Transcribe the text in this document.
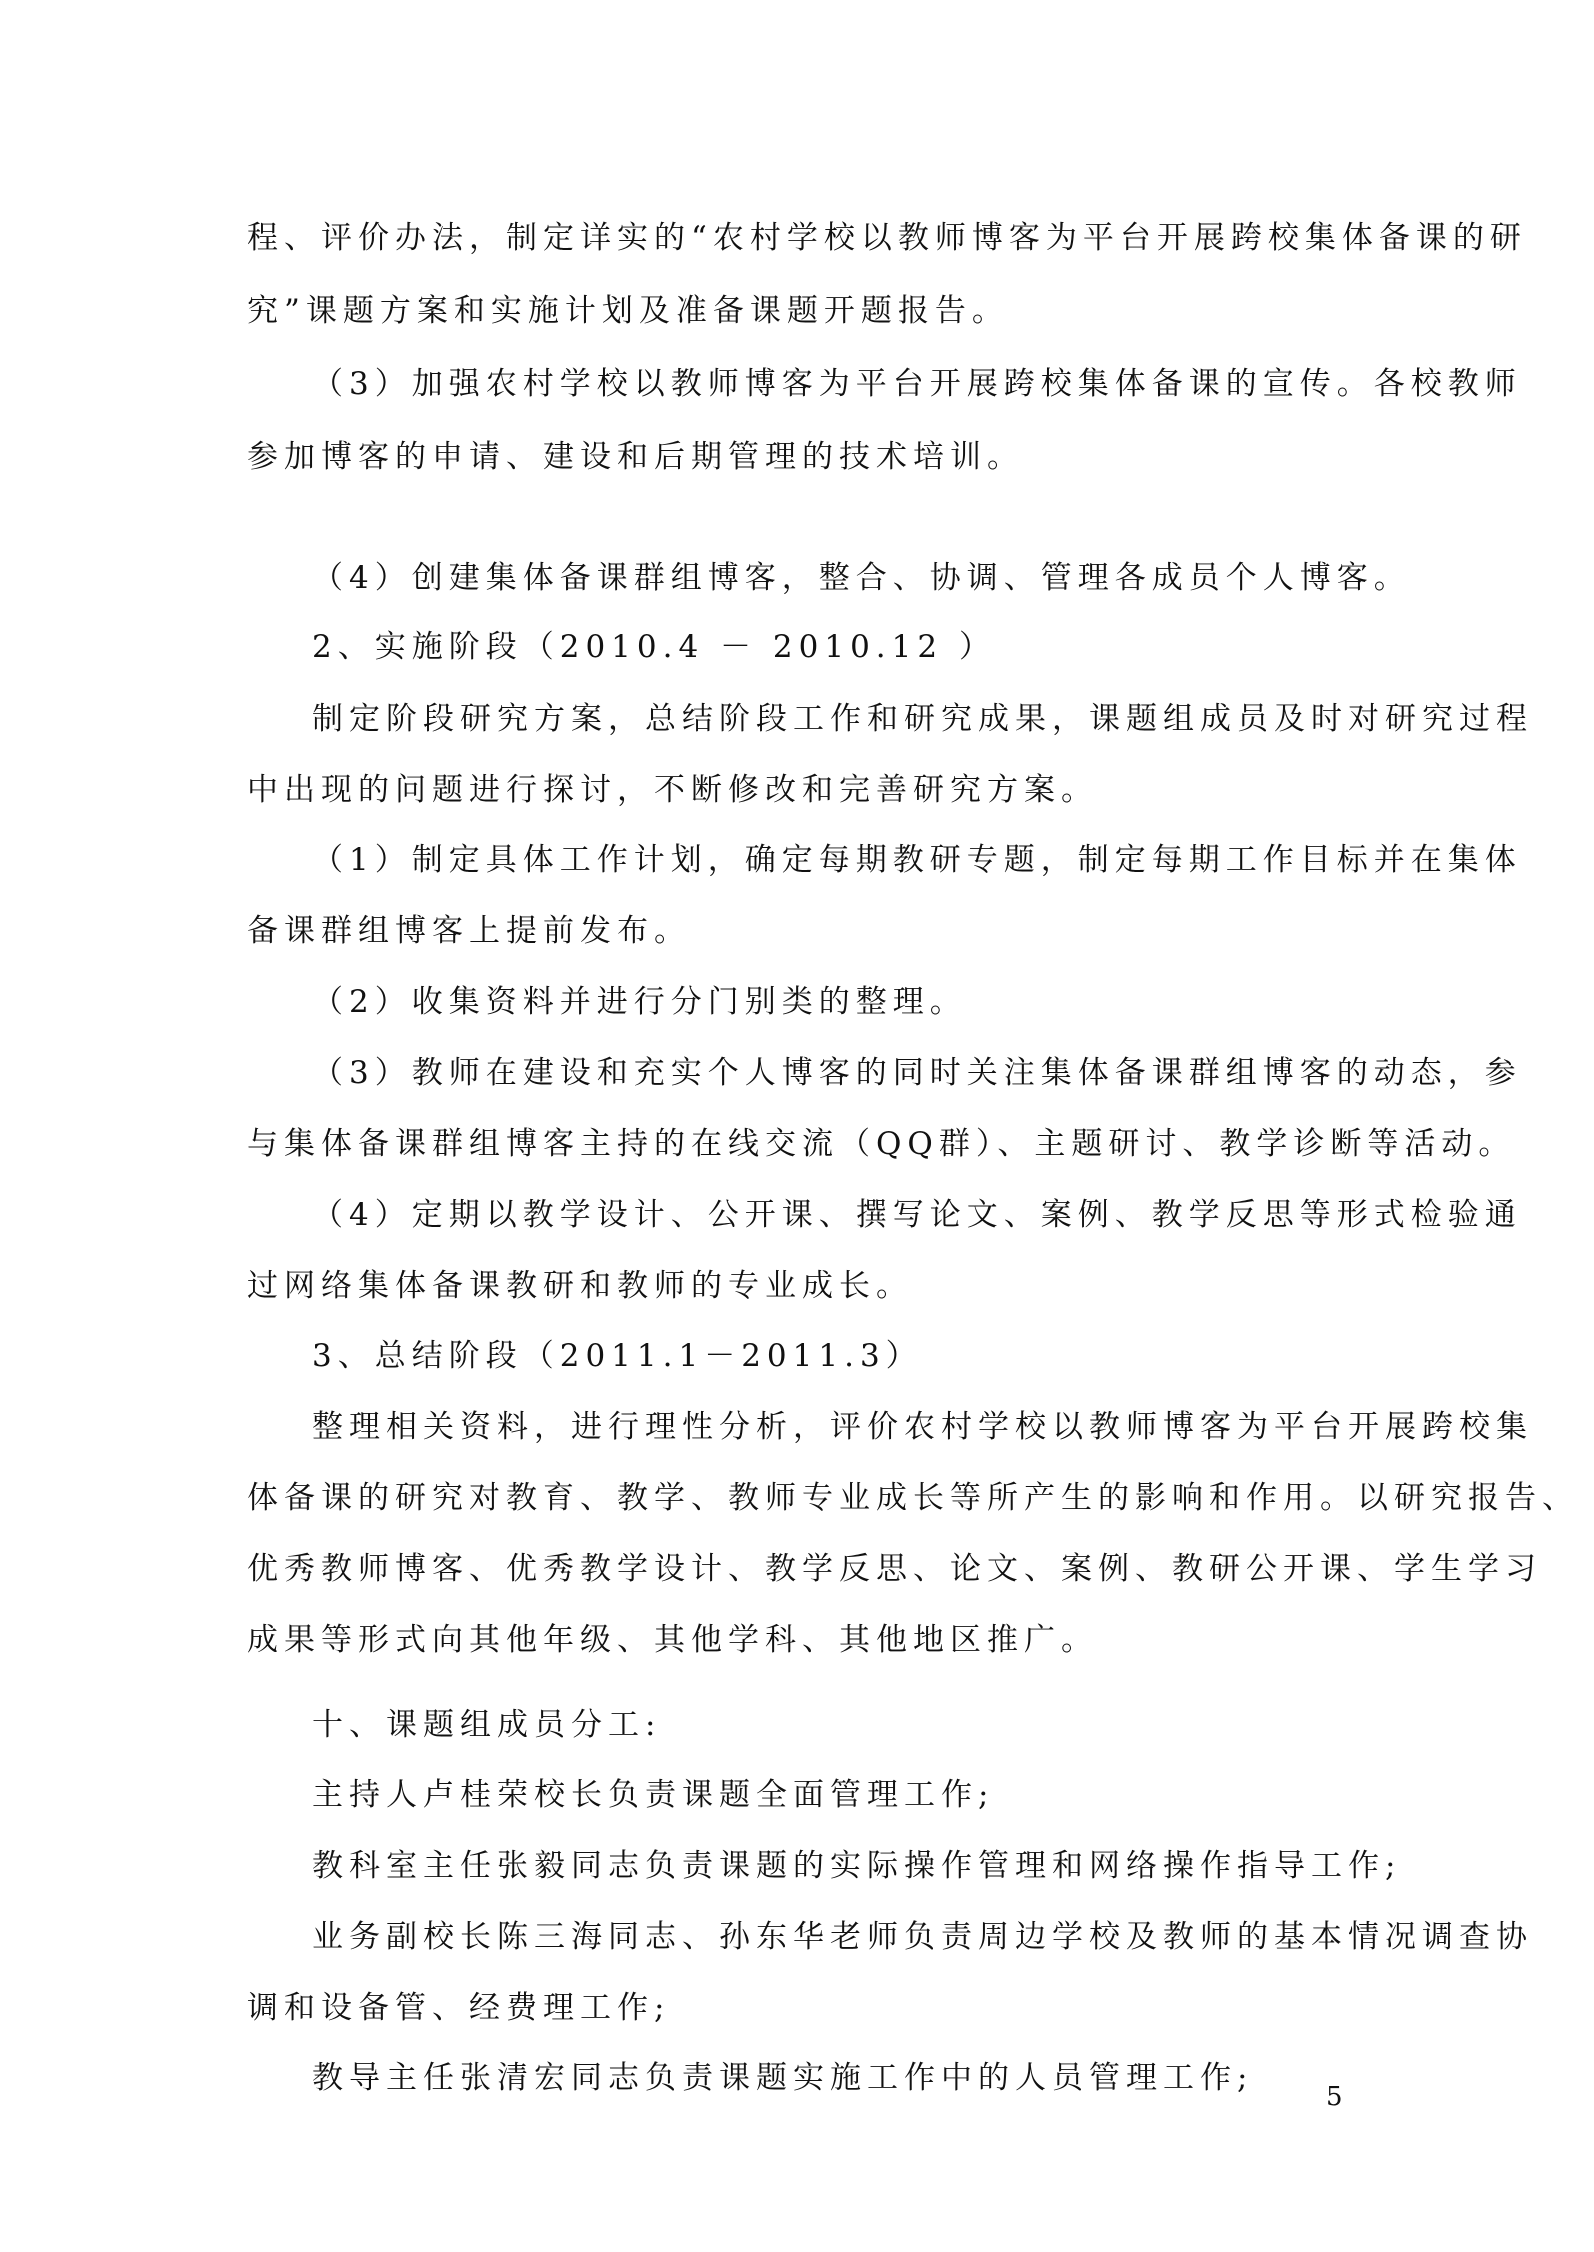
程、评价办法，制定详实的“农村学校以教师博客为平台开展跨校集体备课的研
究”课题方案和实施计划及准备课题开题报告。
（3）加强农村学校以教师博客为平台开展跨校集体备课的宣传。各校教师
参加博客的申请、建设和后期管理的技术培训。
（4）创建集体备课群组博客，整合、协调、管理各成员个人博客。
2、实施阶段（2010.4 － 2010.12 ）
制定阶段研究方案，总结阶段工作和研究成果，课题组成员及时对研究过程
中出现的问题进行探讨，不断修改和完善研究方案。
（1）制定具体工作计划，确定每期教研专题，制定每期工作目标并在集体
备课群组博客上提前发布。
（2）收集资料并进行分门别类的整理。
（3）教师在建设和充实个人博客的同时关注集体备课群组博客的动态，参
与集体备课群组博客主持的在线交流（QQ群）、主题研讨、教学诊断等活动。
（4）定期以教学设计、公开课、撰写论文、案例、教学反思等形式检验通
过网络集体备课教研和教师的专业成长。
3、总结阶段（2011.1－2011.3）
整理相关资料，进行理性分析，评价农村学校以教师博客为平台开展跨校集
体备课的研究对教育、教学、教师专业成长等所产生的影响和作用。以研究报告、
优秀教师博客、优秀教学设计、教学反思、论文、案例、教研公开课、学生学习
成果等形式向其他年级、其他学科、其他地区推广。
十、课题组成员分工:
主持人卢桂荣校长负责课题全面管理工作;
教科室主任张毅同志负责课题的实际操作管理和网络操作指导工作;
业务副校长陈三海同志、孙东华老师负责周边学校及教师的基本情况调查协
调和设备管、经费理工作;
教导主任张清宏同志负责课题实施工作中的人员管理工作;
5
